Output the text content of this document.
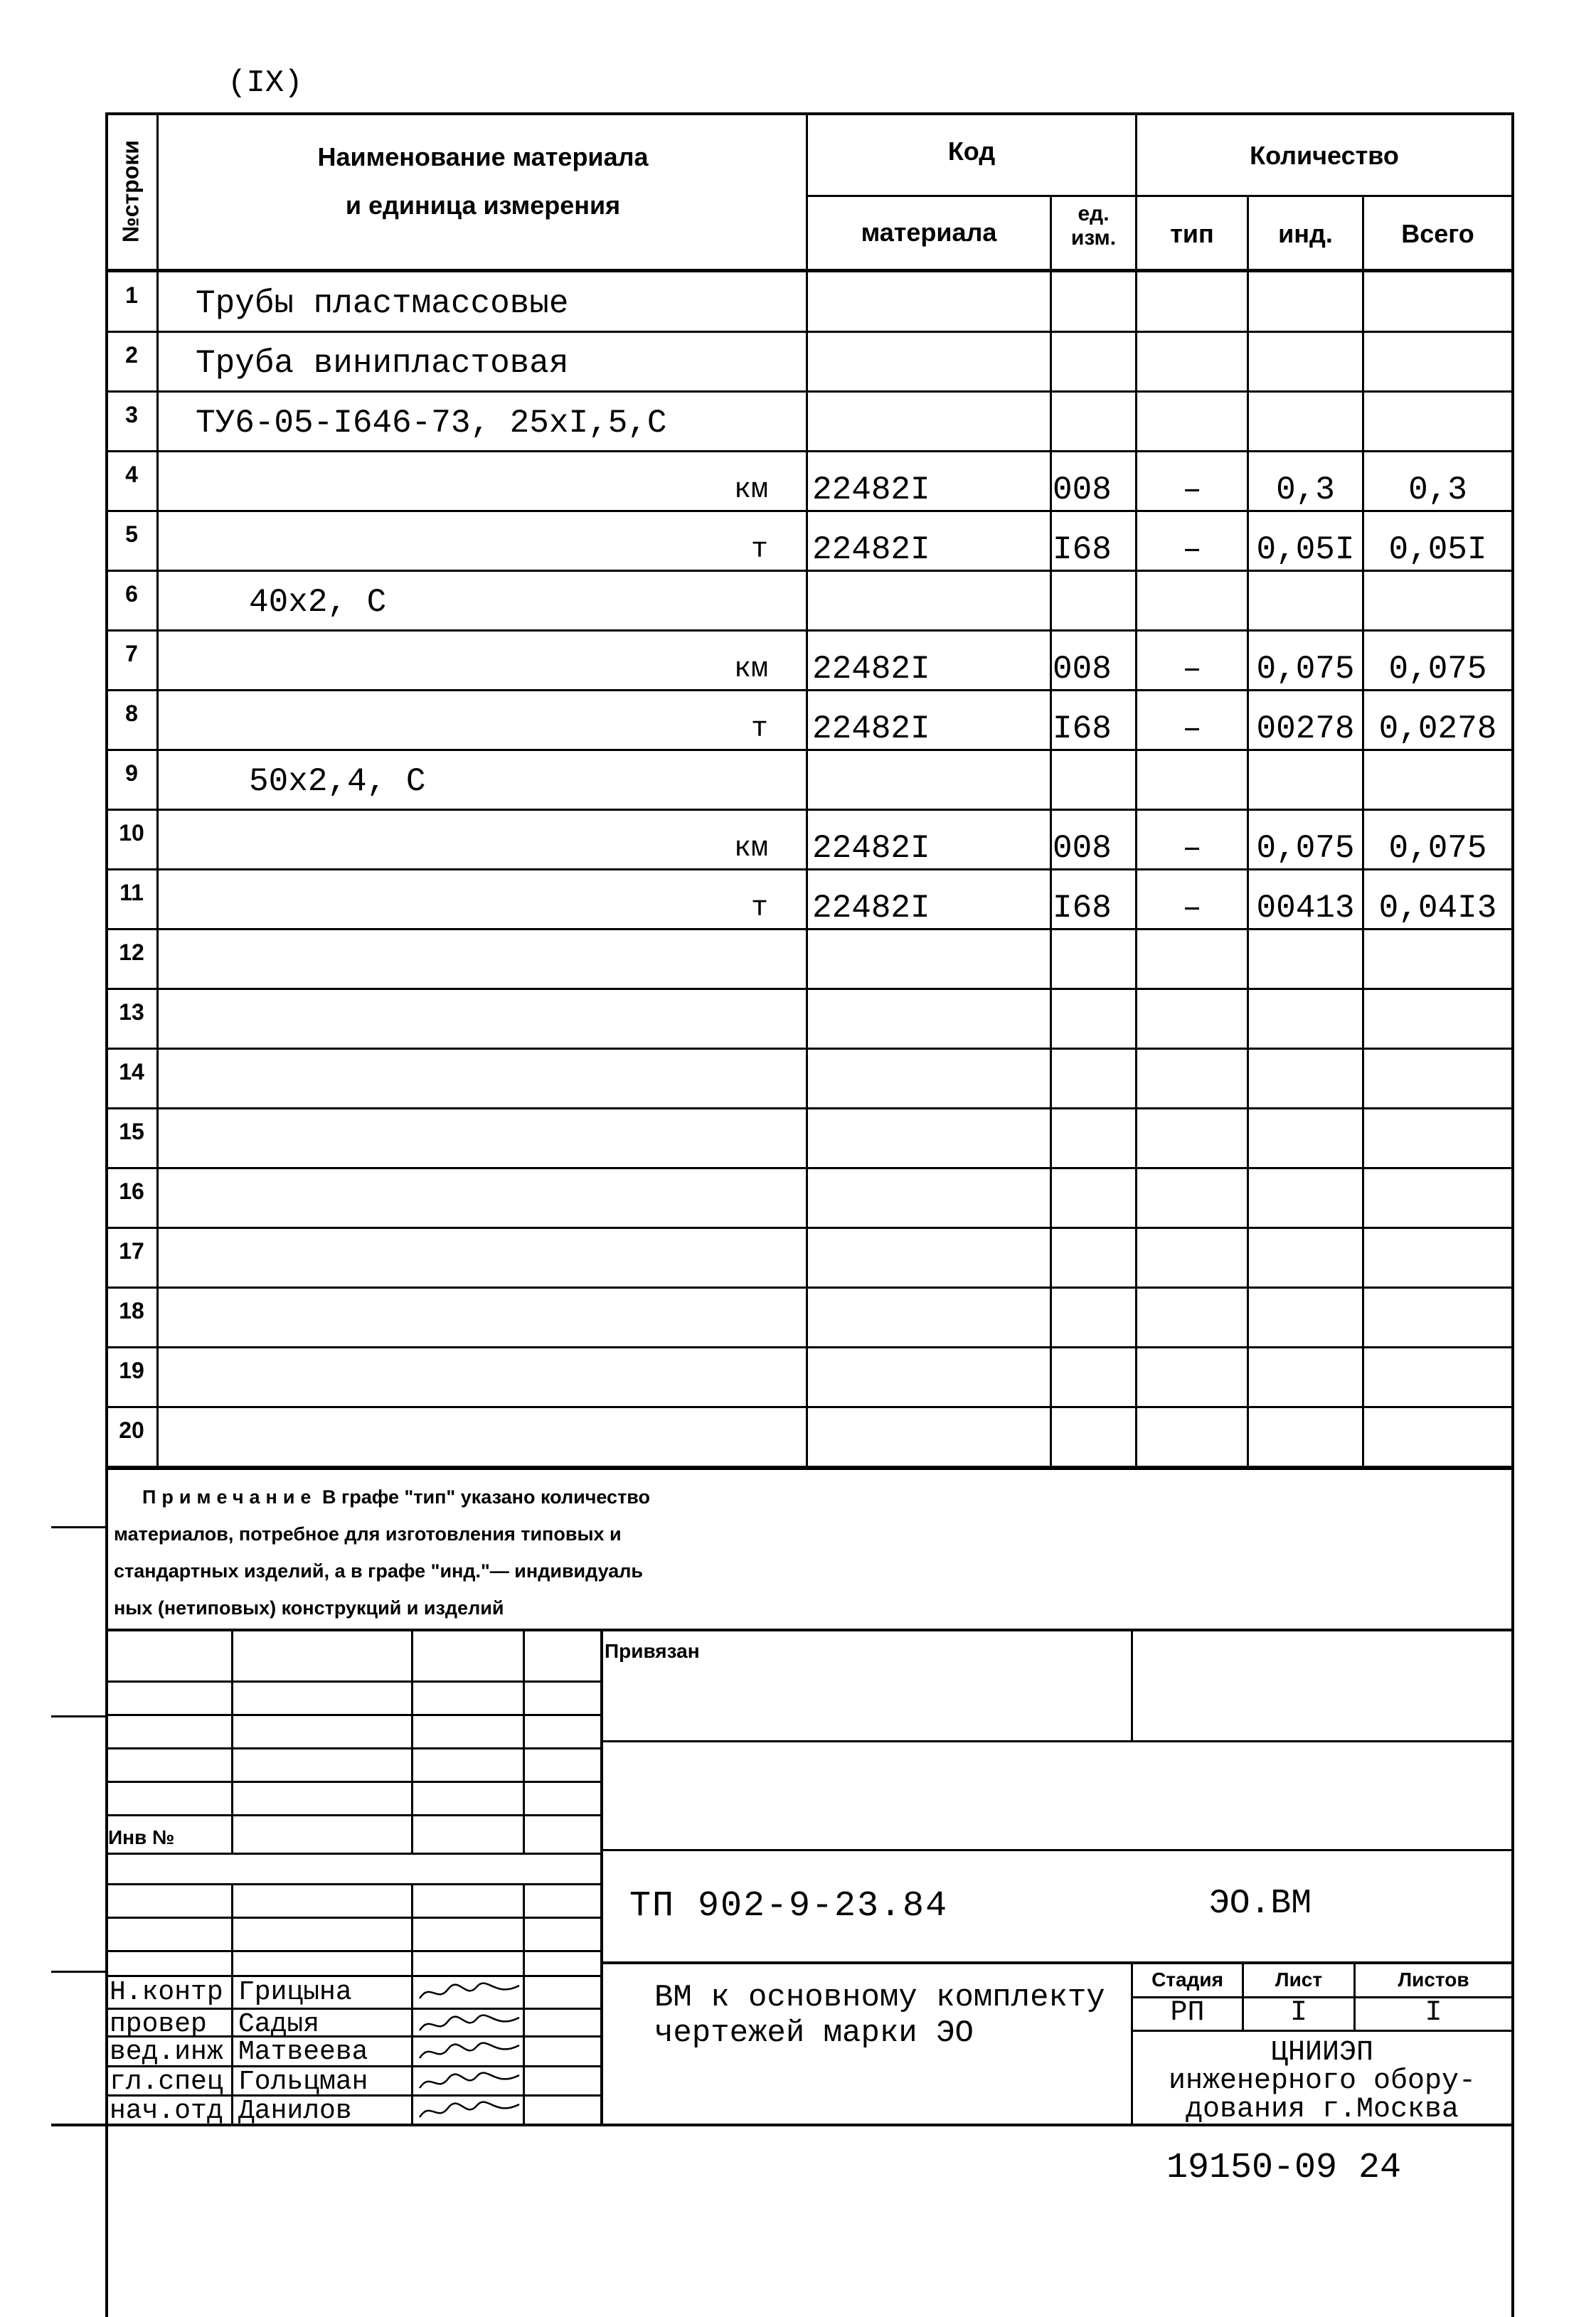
(IX)
№строки	Наименование материала
и единица измерения
Код	Количество
материала
ед.
изм.	тип	инд.	Всего
1	Трубы пластмассовые
2	Труба винипластовая
3	ТУ6-05-I646-73, 25xI,5,С
4	км 22482I	008	–	0,3	0,3
5	т 22482I	I68	–	0,05I	0,05I
6	40x2, С
7	км 22482I	008	–	0,075	0,075
8	т 22482I	I68	–	00278 0,0278
9	50x2,4, С
10	км 22482I	008	–	0,075	0,075
11	т 22482I	I68	–	00413 0,04I3
12
13
14
15
16
17
18
19
20
Примечание В графе "тип" указано количество
материалов, потребное для изготовления типовых и
стандартных изделий, а в графе "инд."— индивидуаль
ных (нетиповых) конструкций и изделий
Привязан
Инв №
ТП 902-9-23.84	ЭО.ВМ
ВМ к основному комплекту
чертежей марки ЭО
Стадия	Лист	Листов
РП	I	I
ЦНИИЭП
инженерного обору-
дования г.Москва
Н.контр Грицына
провер Садыя
вед.инж Матвеева
гл.спец Гольцман
нач.отд Данилов
19150-09 24
